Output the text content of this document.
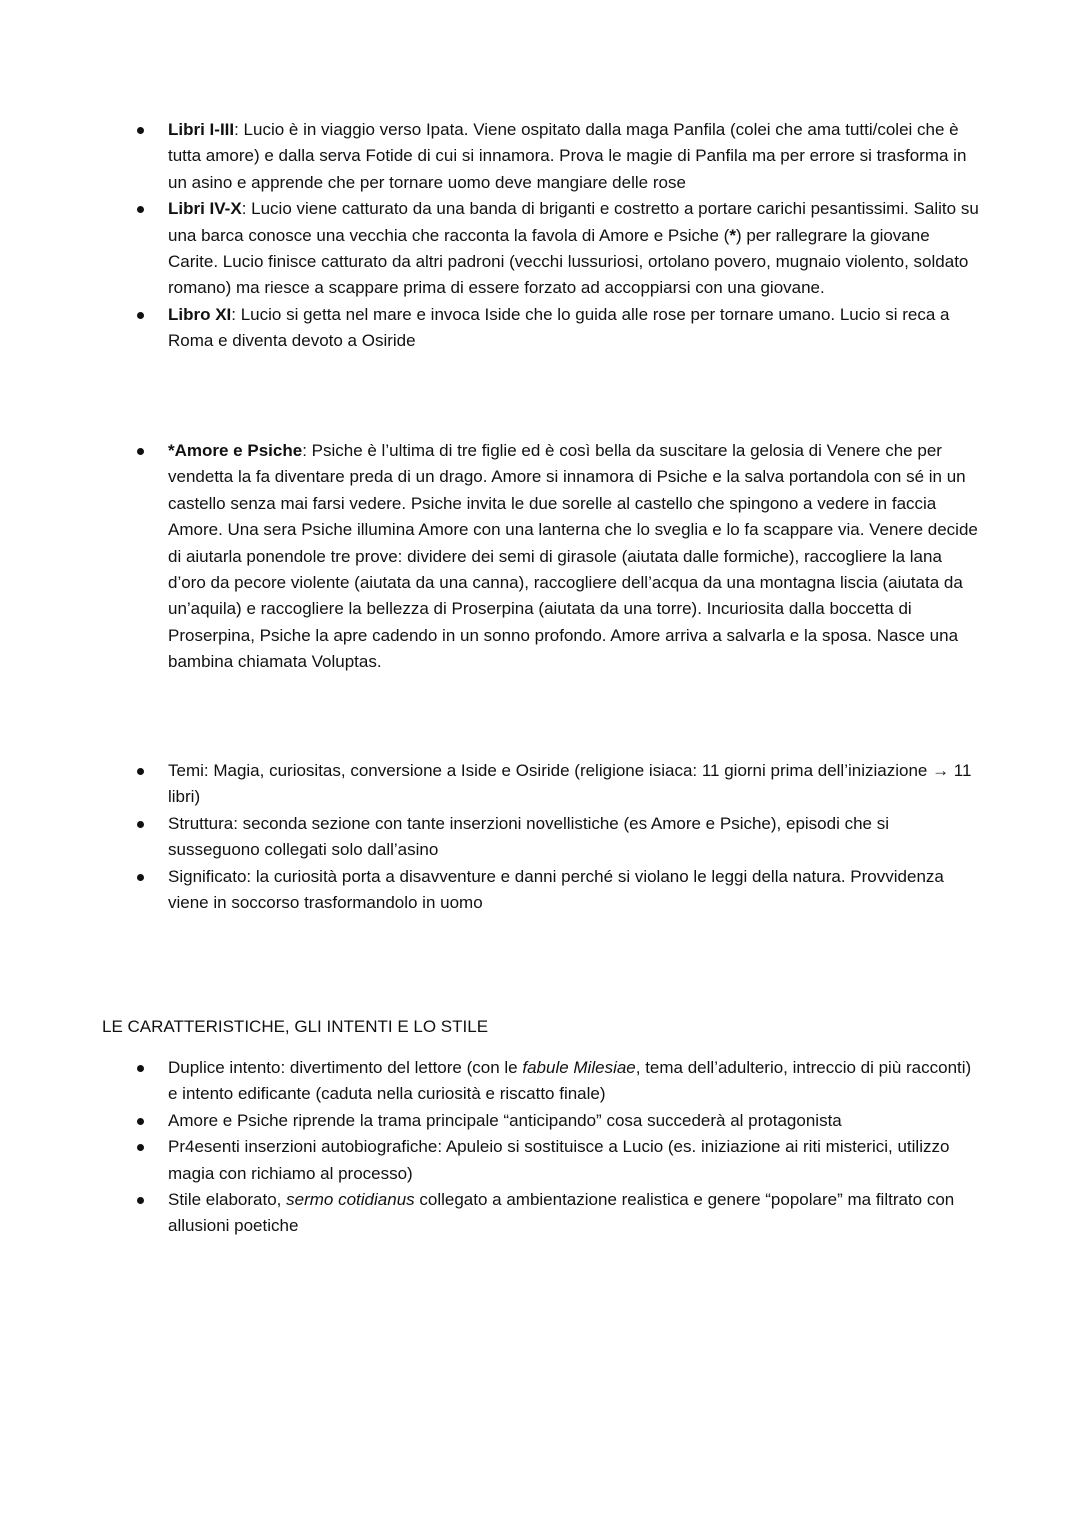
Libri I-III: Lucio è in viaggio verso Ipata. Viene ospitato dalla maga Panfila (colei che ama tutti/colei che è tutta amore) e dalla serva Fotide di cui si innamora. Prova le magie di Panfila ma per errore si trasforma in un asino e apprende che per tornare uomo deve mangiare delle rose
Libri IV-X: Lucio viene catturato da una banda di briganti e costretto a portare carichi pesantissimi. Salito su una barca conosce una vecchia che racconta la favola di Amore e Psiche (*) per rallegrare la giovane Carite. Lucio finisce catturato da altri padroni (vecchi lussuriosi, ortolano povero, mugnaio violento, soldato romano) ma riesce a scappare prima di essere forzato ad accoppiarsi con una giovane.
Libro XI: Lucio si getta nel mare e invoca Iside che lo guida alle rose per tornare umano. Lucio si reca a Roma e diventa devoto a Osiride
*Amore e Psiche: Psiche è l’ultima di tre figlie ed è così bella da suscitare la gelosia di Venere che per vendetta la fa diventare preda di un drago. Amore si innamora di Psiche e la salva portandola con sé in un castello senza mai farsi vedere. Psiche invita le due sorelle al castello che spingono a vedere in faccia Amore. Una sera Psiche illumina Amore con una lanterna che lo sveglia e lo fa scappare via. Venere decide di aiutarla ponendole tre prove: dividere dei semi di girasole (aiutata dalle formiche), raccogliere la lana d’oro da pecore violente (aiutata da una canna), raccogliere dell’acqua da una montagna liscia (aiutata da un’aquila) e raccogliere la bellezza di Proserpina (aiutata da una torre). Incuriosita dalla boccetta di Proserpina, Psiche la apre cadendo in un sonno profondo. Amore arriva a salvarla e la sposa. Nasce una bambina chiamata Voluptas.
Temi: Magia, curiositas, conversione a Iside e Osiride (religione isiaca: 11 giorni prima dell’iniziazione → 11 libri)
Struttura: seconda sezione con tante inserzioni novellistiche (es Amore e Psiche), episodi che si susseguono collegati solo dall’asino
Significato: la curiosità porta a disavventure e danni perché si violano le leggi della natura. Provvidenza viene in soccorso trasformandolo in uomo
LE CARATTERISTICHE, GLI INTENTI E LO STILE
Duplice intento: divertimento del lettore (con le fabule Milesiae, tema dell’adulterio, intreccio di più racconti) e intento edificante (caduta nella curiosità e riscatto finale)
Amore e Psiche riprende la trama principale “anticipando” cosa succederà al protagonista
Pr4esenti inserzioni autobiografiche: Apuleio si sostituisce a Lucio (es. iniziazione ai riti misterici, utilizzo magia con richiamo al processo)
Stile elaborato, sermo cotidianus collegato a ambientazione realistica e genere “popolare” ma filtrato con allusioni poetiche
